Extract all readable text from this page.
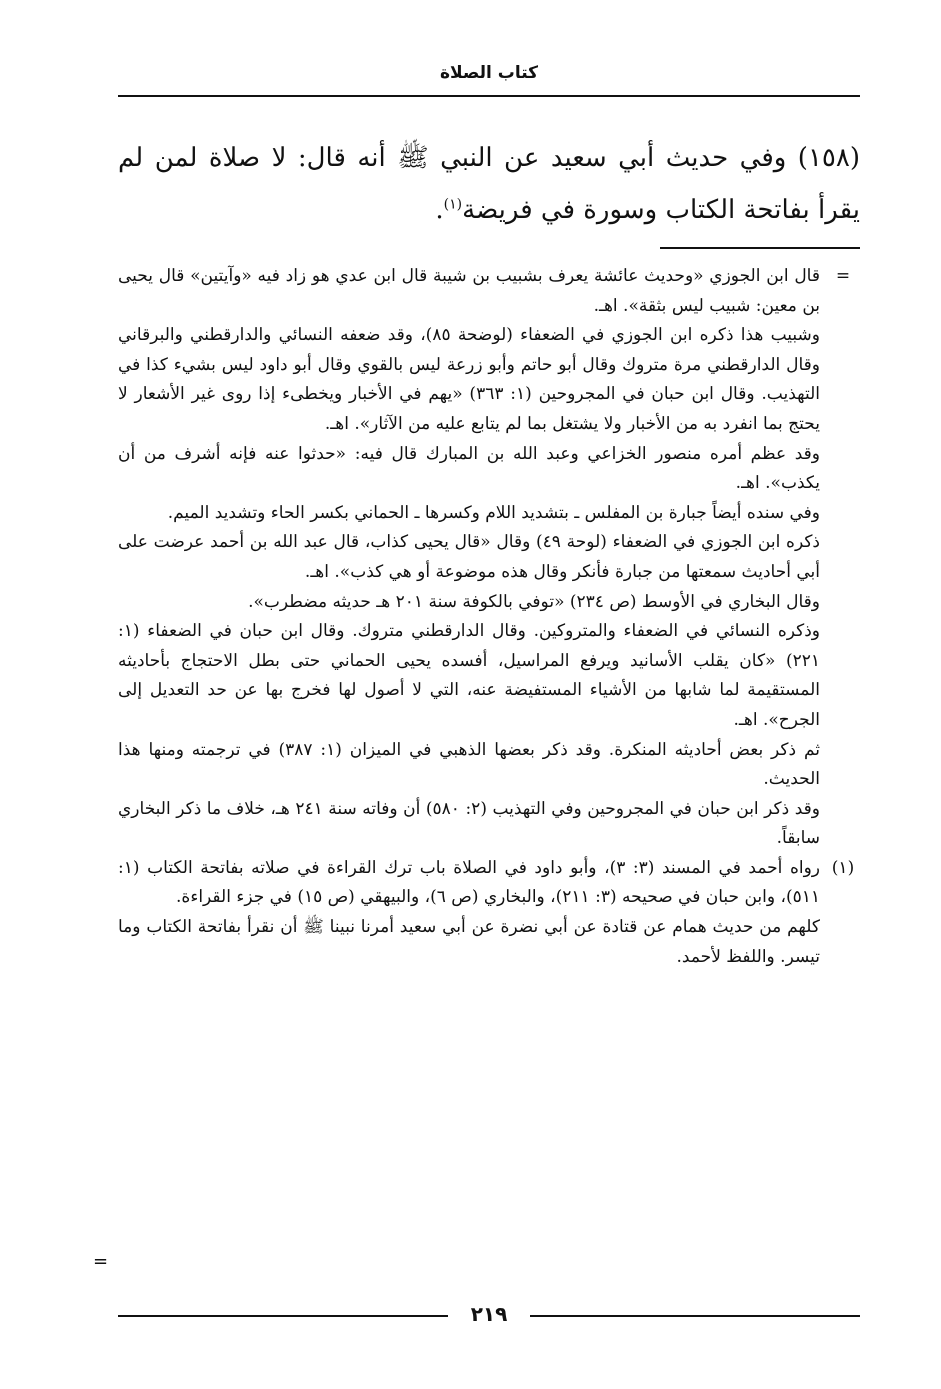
كتاب الصلاة

(١٥٨) وفي حديث أبي سعيد عن النبي ﷺ أنه قال: لا صلاة لمن لم يقرأ بفاتحة الكتاب وسورة في فريضة$^{(١)}$.

=

قال ابن الجوزي «وحديث عائشة يعرف بشبيب بن شيبة قال ابن عدي هو زاد فيه «وآيتين» قال يحيى بن معين: شبيب ليس بثقة». اهـ.

وشبيب هذا ذكره ابن الجوزي في الضعفاء (لوضحة ٨٥)، وقد ضعفه النسائي والدارقطني والبرقاني وقال الدارقطني مرة متروك وقال أبو حاتم وأبو زرعة ليس بالقوي وقال أبو داود ليس بشيء كذا في التهذيب. وقال ابن حبان في المجروحين (١: ٣٦٣) «يهم في الأخبار ويخطىء إذا روى غير الأشعار لا يحتج بما انفرد به من الأخبار ولا يشتغل بما لم يتابع عليه من الآثار». اهـ.

وقد عظم أمره منصور الخزاعي وعبد الله بن المبارك قال فيه: «حدثوا عنه فإنه أشرف من أن يكذب». اهـ.

وفي سنده أيضاً جبارة بن المفلس ـ بتشديد اللام وكسرها ـ الحماني بكسر الحاء وتشديد الميم.

ذكره ابن الجوزي في الضعفاء (لوحة ٤٩) وقال «قال يحيى كذاب، قال عبد الله بن أحمد عرضت على أبي أحاديث سمعتها من جبارة فأنكر وقال هذه موضوعة أو هي كذب». اهـ.

وقال البخاري في الأوسط (ص ٢٣٤) «توفي بالكوفة سنة ٢٠١ هـ حديثه مضطرب».

وذكره النسائي في الضعفاء والمتروكين. وقال الدارقطني متروك. وقال ابن حبان في الضعفاء (١: ٢٢١) «كان يقلب الأسانيد ويرفع المراسيل، أفسده يحيى الحماني حتى بطل الاحتجاج بأحاديثه المستقيمة لما شابها من الأشياء المستفيضة عنه، التي لا أصول لها فخرج بها عن حد التعديل إلى الجرح». اهـ.

ثم ذكر بعض أحاديثه المنكرة. وقد ذكر بعضها الذهبي في الميزان (١: ٣٨٧) في ترجمته ومنها هذا الحديث.

وقد ذكر ابن حبان في المجروحين وفي التهذيب (٢: ٥٨٠) أن وفاته سنة ٢٤١ هـ، خلاف ما ذكر البخاري سابقاً.

(١)

رواه أحمد في المسند (٣: ٣)، وأبو داود في الصلاة باب ترك القراءة في صلاته بفاتحة الكتاب (١: ٥١١)، وابن حبان في صحيحه (٣: ٢١١)، والبخاري (ص ٦)، والبيهقي (ص ١٥) في جزء القراءة.

كلهم من حديث همام عن قتادة عن أبي نضرة عن أبي سعيد أمرنا نبينا ﷺ أن نقرأ بفاتحة الكتاب وما تيسر. واللفظ لأحمد.

=
٢١٩
